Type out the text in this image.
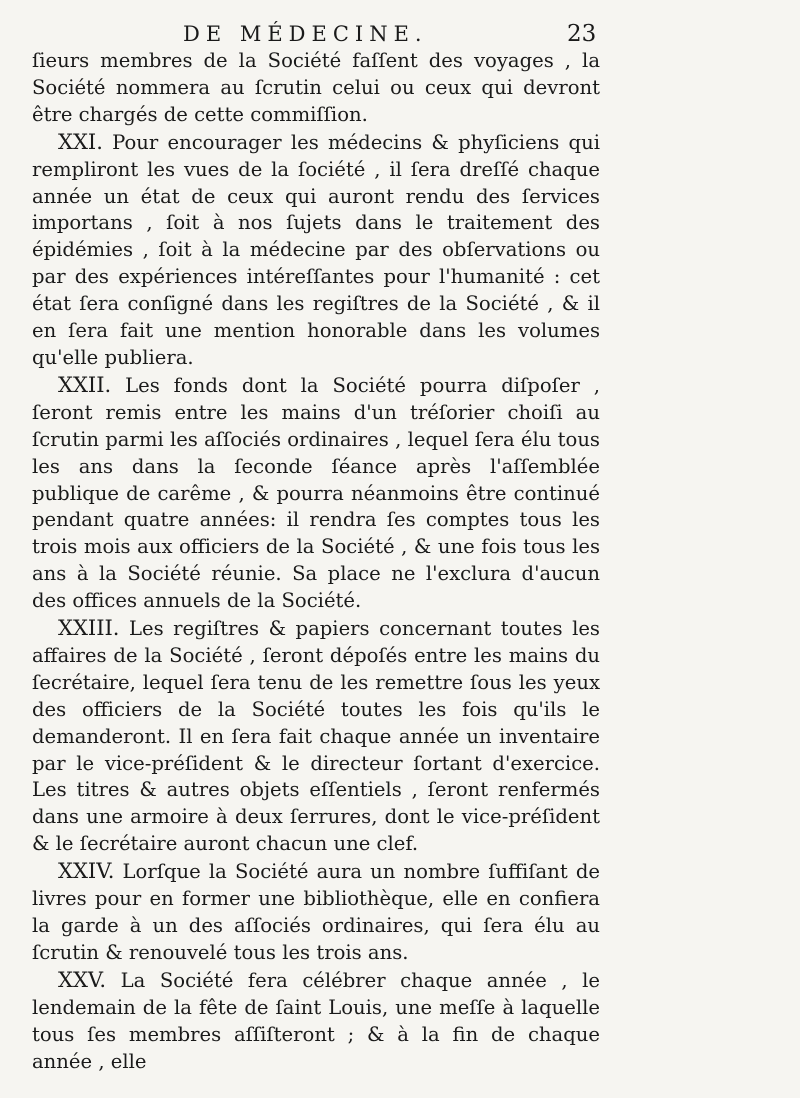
DE MÉDECINE.	23

ſieurs membres de la Société faſſent des voyages , la Société nommera au ſcrutin celui ou ceux qui devront être chargés de cette commiſſion.

XXI. Pour encourager les médecins & phyſiciens qui rempliront les vues de la ſociété , il ſera dreſſé chaque année un état de ceux qui auront rendu des ſervices importans , ſoit à nos ſujets dans le traitement des épidémies , ſoit à la médecine par des obſervations ou par des expériences intéreſſantes pour l'humanité : cet état ſera conſigné dans les regiſtres de la Société , & il en ſera fait une mention honorable dans les volumes qu'elle publiera.

XXII. Les fonds dont la Société pourra diſpoſer , ſeront remis entre les mains d'un tréſorier choiſi au ſcrutin parmi les aſſociés ordinaires , lequel ſera élu tous les ans dans la ſeconde ſéance après l'aſſemblée publique de carême , & pourra néanmoins être continué pendant quatre années: il rendra ſes comptes tous les trois mois aux officiers de la Société , & une fois tous les ans à la Société réunie. Sa place ne l'exclura d'aucun des offices annuels de la Société.

XXIII. Les regiſtres & papiers concernant toutes les affaires de la Société , ſeront dépoſés entre les mains du ſecrétaire, lequel ſera tenu de les remettre ſous les yeux des officiers de la Société toutes les fois qu'ils le demanderont. Il en ſera fait chaque année un inventaire par le vice-préſident & le directeur ſortant d'exercice. Les titres & autres objets eſſentiels , ſeront renfermés dans une armoire à deux ſerrures, dont le vice-préſident & le ſecrétaire auront chacun une clef.

XXIV. Lorſque la Société aura un nombre ſuffiſant de livres pour en former une bibliothèque, elle en confiera la garde à un des aſſociés ordinaires, qui ſera élu au ſcrutin & renouvelé tous les trois ans.

XXV. La Société fera célébrer chaque année , le lendemain de la fête de ſaint Louis, une meſſe à laquelle tous ſes membres aſſiſteront ; & à la fin de chaque année , elle
